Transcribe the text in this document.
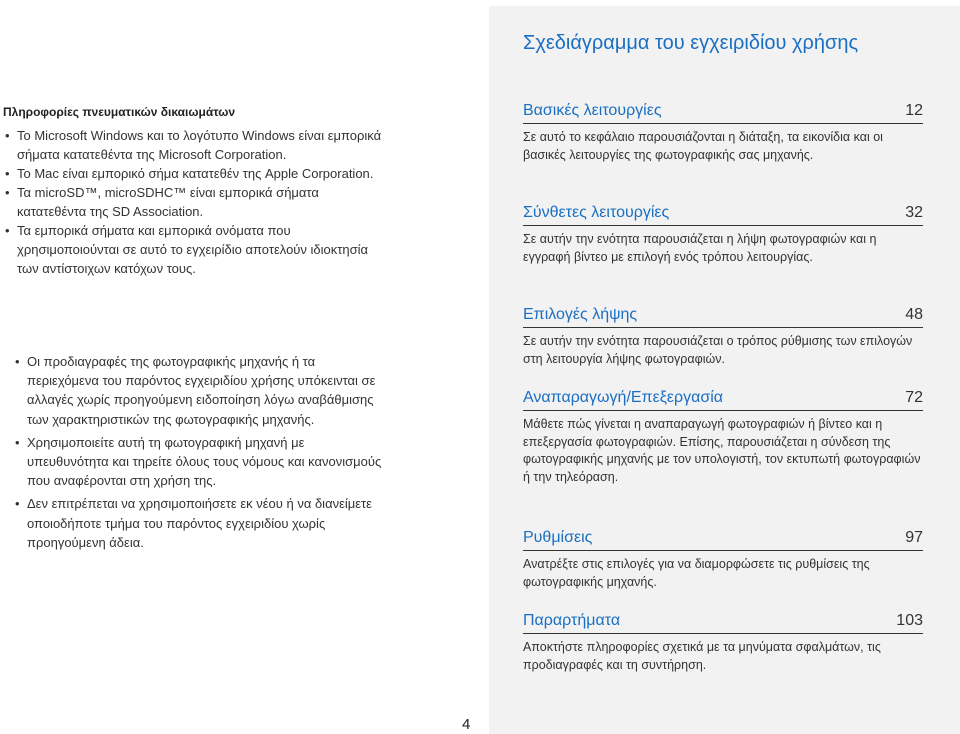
Σχεδιάγραμμα του εγχειριδίου χρήσης
Πληροφορίες πνευματικών δικαιωμάτων
• Το Microsoft Windows και το λογότυπο Windows είναι εμπορικά σήματα κατατεθέντα της Microsoft Corporation.
• Το Mac είναι εμπορικό σήμα κατατεθέν της Apple Corporation.
• Τα microSD™, microSDHC™ είναι εμπορικά σήματα κατατεθέντα της SD Association.
• Τα εμπορικά σήματα και εμπορικά ονόματα που χρησιμοποιούνται σε αυτό το εγχειρίδιο αποτελούν ιδιοκτησία των αντίστοιχων κατόχων τους.
• Οι προδιαγραφές της φωτογραφικής μηχανής ή τα περιεχόμενα του παρόντος εγχειριδίου χρήσης υπόκεινται σε αλλαγές χωρίς προηγούμενη ειδοποίηση λόγω αναβάθμισης των χαρακτηριστικών της φωτογραφικής μηχανής.
• Χρησιμοποιείτε αυτή τη φωτογραφική μηχανή με υπευθυνότητα και τηρείτε όλους τους νόμους και κανονισμούς που αναφέρονται στη χρήση της.
• Δεν επιτρέπεται να χρησιμοποιήσετε εκ νέου ή να διανείμετε οποιοδήποτε τμήμα του παρόντος εγχειριδίου χωρίς προηγούμενη άδεια.
Βασικές λειτουργίες	12
Σε αυτό το κεφάλαιο παρουσιάζονται η διάταξη, τα εικονίδια και οι βασικές λειτουργίες της φωτογραφικής σας μηχανής.
Σύνθετες λειτουργίες	32
Σε αυτήν την ενότητα παρουσιάζεται η λήψη φωτογραφιών και η εγγραφή βίντεο με επιλογή ενός τρόπου λειτουργίας.
Επιλογές λήψης	48
Σε αυτήν την ενότητα παρουσιάζεται ο τρόπος ρύθμισης των επιλογών στη λειτουργία λήψης φωτογραφιών.
Αναπαραγωγή/Επεξεργασία	72
Μάθετε πώς γίνεται η αναπαραγωγή φωτογραφιών ή βίντεο και η επεξεργασία φωτογραφιών. Επίσης, παρουσιάζεται η σύνδεση της φωτογραφικής μηχανής με τον υπολογιστή, τον εκτυπωτή φωτογραφιών ή την τηλεόραση.
Ρυθμίσεις	97
Ανατρέξτε στις επιλογές για να διαμορφώσετε τις ρυθμίσεις της φωτογραφικής μηχανής.
Παραρτήματα	103
Αποκτήστε πληροφορίες σχετικά με τα μηνύματα σφαλμάτων, τις προδιαγραφές και τη συντήρηση.
4
